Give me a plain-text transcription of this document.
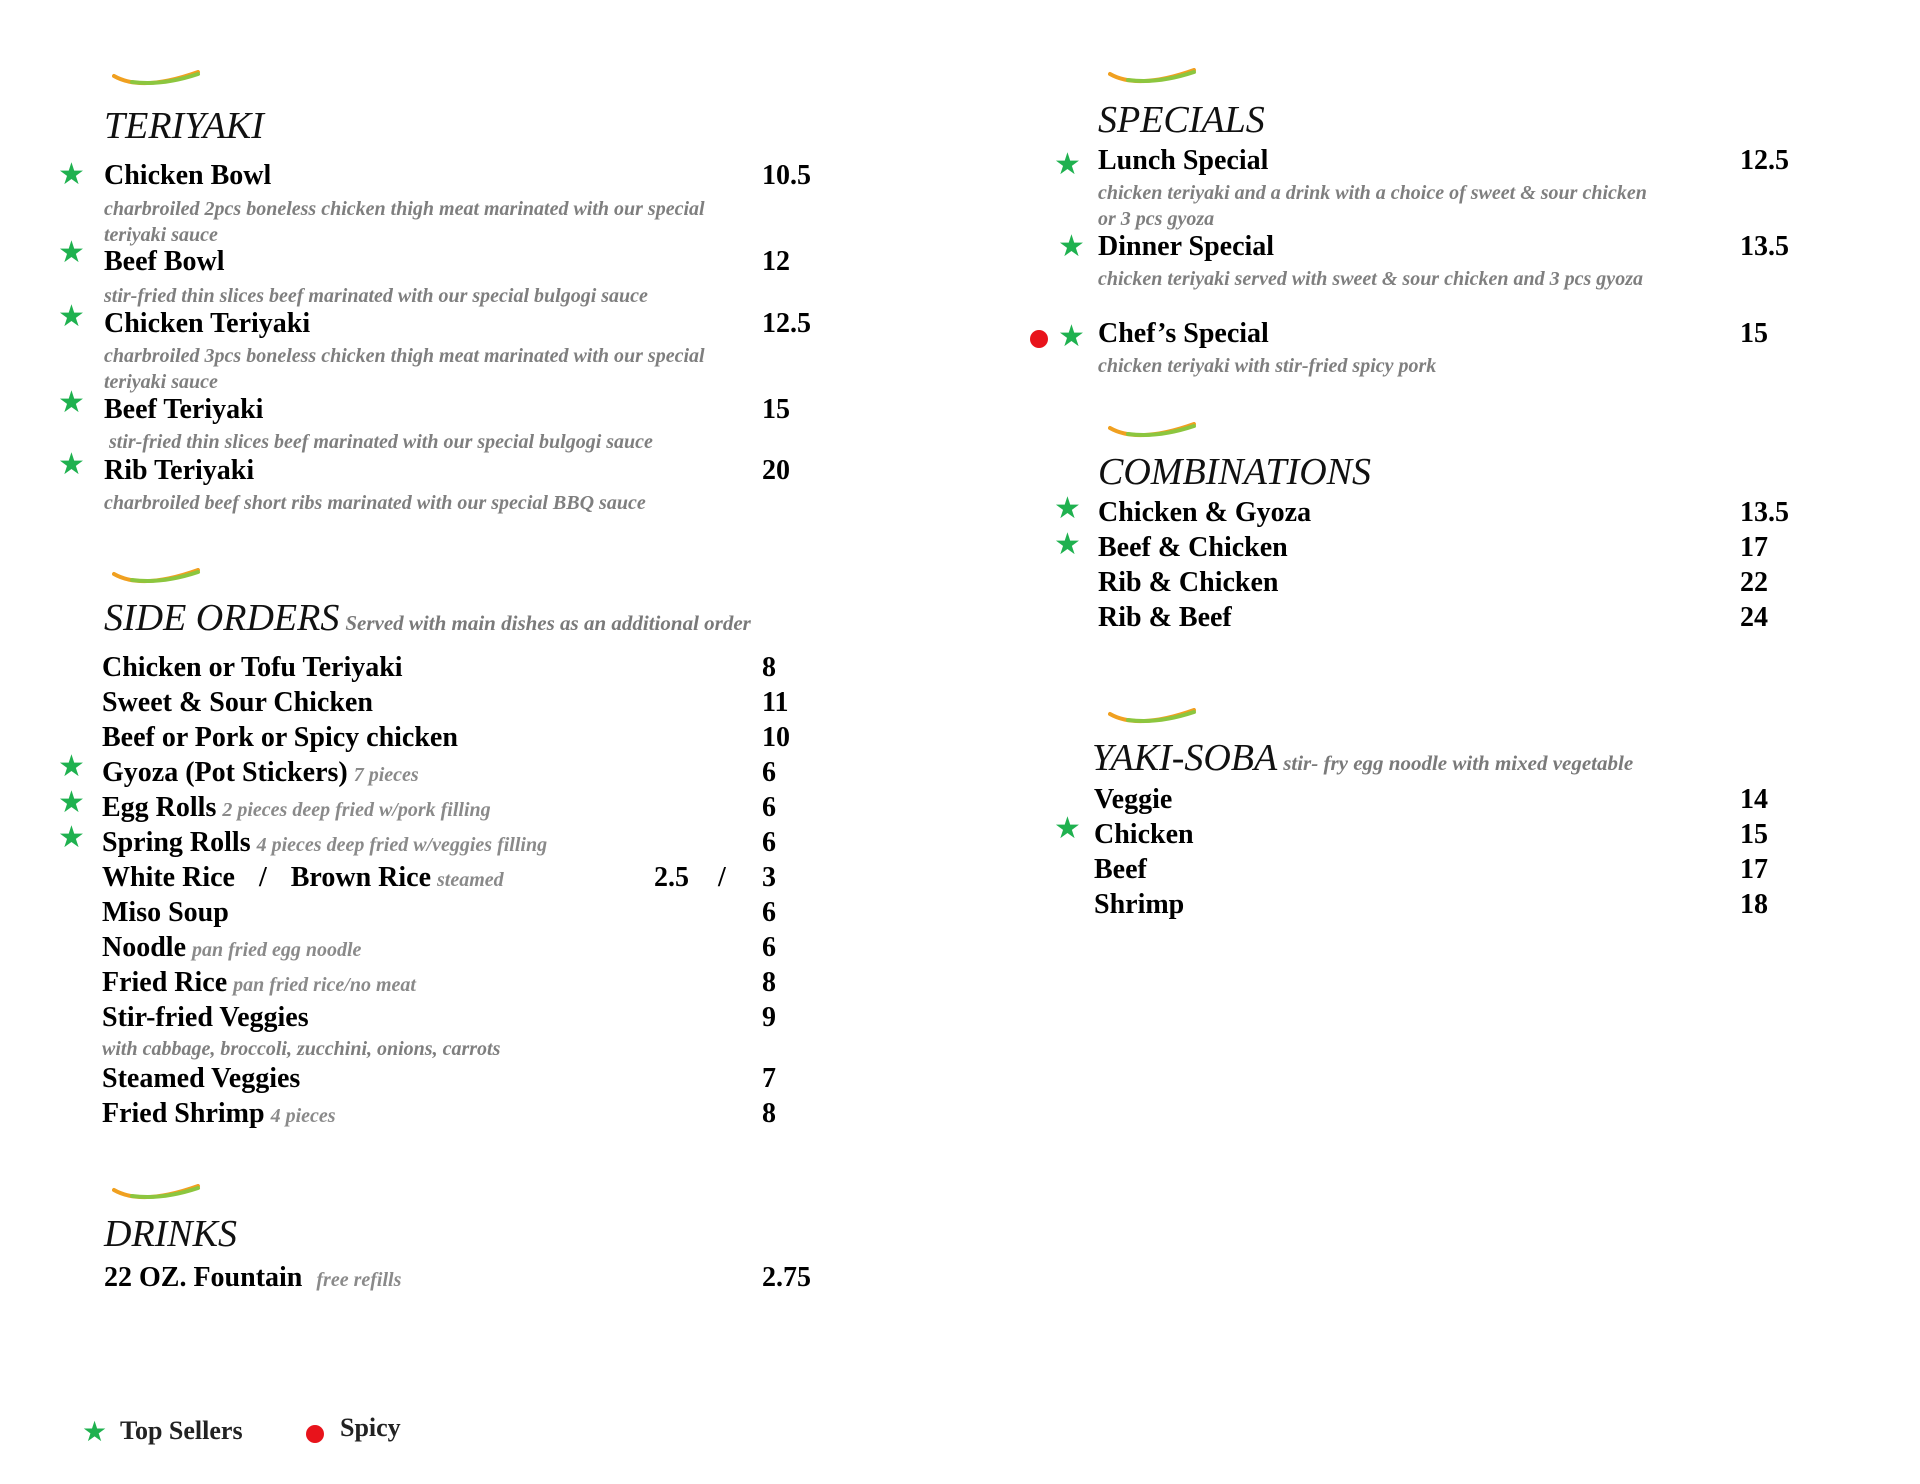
TERIYAKI
★ Chicken Bowl	10.5
charbroiled 2pcs boneless chicken thigh meat marinated with our special teriyaki sauce
★ Beef Bowl	12
stir-fried thin slices beef marinated with our special bulgogi sauce
★ Chicken Teriyaki	12.5
charbroiled 3pcs boneless chicken thigh meat marinated with our special teriyaki sauce
★ Beef Teriyaki	15
stir-fried thin slices beef marinated with our special bulgogi sauce
★ Rib Teriyaki	20
charbroiled beef short ribs marinated with our special BBQ sauce
SIDE ORDERS Served with main dishes as an additional order
Chicken or Tofu Teriyaki	8
Sweet & Sour Chicken	11
Beef or Pork or Spicy chicken	10
★ Gyoza (Pot Stickers) 7 pieces	6
★ Egg Rolls 2 pieces deep fried w/pork filling	6
★ Spring Rolls 4 pieces deep fried w/veggies filling	6
White Rice / Brown Rice steamed	2.5 / 3
Miso Soup	6
Noodle pan fried egg noodle	6
Fried Rice pan fried rice/no meat	8
Stir-fried Veggies	9
with cabbage, broccoli, zucchini, onions, carrots
Steamed Veggies	7
Fried Shrimp 4 pieces	8
DRINKS
22 OZ. Fountain free refills	2.75
SPECIALS
★ Lunch Special	12.5
chicken teriyaki and a drink with a choice of sweet & sour chicken or 3 pcs gyoza
★ Dinner Special	13.5
chicken teriyaki served with sweet & sour chicken and 3 pcs gyoza
★ Chef’s Special	15
chicken teriyaki with stir-fried spicy pork
COMBINATIONS
★ Chicken & Gyoza	13.5
★ Beef & Chicken	17
Rib & Chicken	22
Rib & Beef	24
YAKI-SOBA stir- fry egg noodle with mixed vegetable
Veggie	14
★ Chicken	15
Beef	17
Shrimp	18
★ Top Sellers	Spicy
